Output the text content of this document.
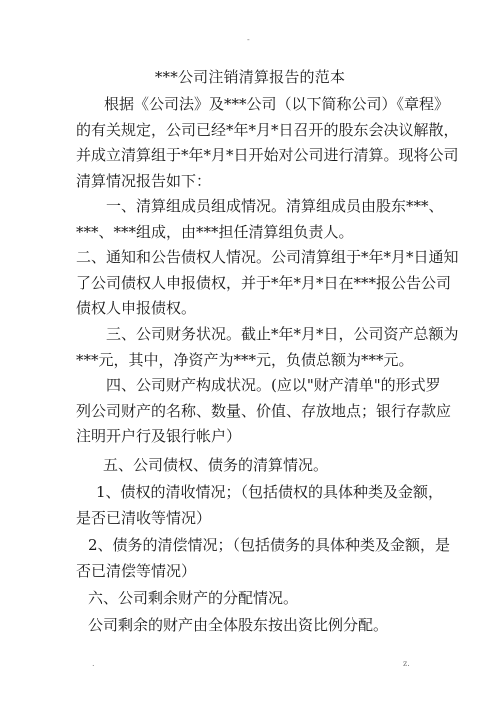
-
***公司注销清算报告的范本
根据《公司法》及***公司（以下简称公司）《章程》
的有关规定，公司已经*年*月*日召开的股东会决议解散，
并成立清算组于*年*月*日开始对公司进行清算。现将公司
清算情况报告如下：
一、清算组成员组成情况。清算组成员由股东***、
***、***组成，由***担任清算组负责人。
二、通知和公告债权人情况。公司清算组于*年*月*日通知
了公司债权人申报债权，并于*年*月*日在***报公告公司
债权人申报债权。
三、公司财务状况。截止*年*月*日，公司资产总额为
***元，其中，净资产为***元，负债总额为***元。
四、公司财产构成状况。(应以"财产清单"的形式罗
列公司财产的名称、数量、价值、存放地点；银行存款应
注明开户行及银行帐户）
五、公司债权、债务的清算情况。
1、债权的清收情况；（包括债权的具体种类及金额，
是否已清收等情况）
2、债务的清偿情况；（包括债务的具体种类及金额，是
否已清偿等情况）
六、公司剩余财产的分配情况。
公司剩余的财产由全体股东按出资比例分配。
.	z.
